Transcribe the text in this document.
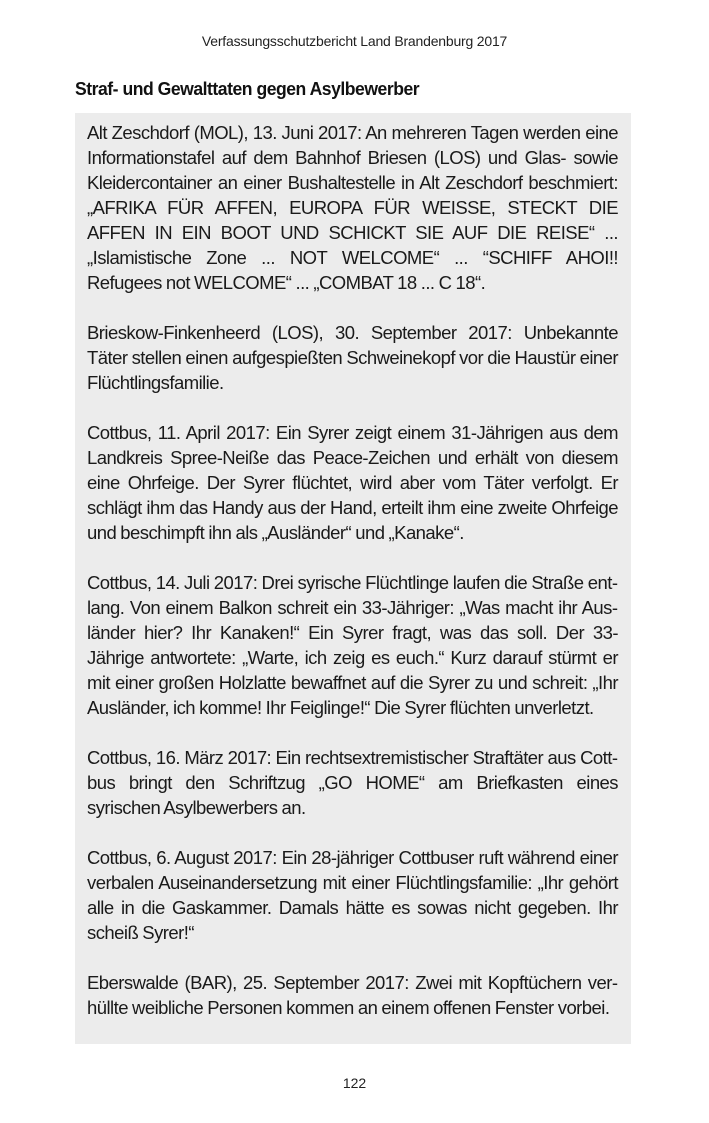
Verfassungsschutzbericht Land Brandenburg 2017
Straf- und Gewalttaten gegen Asylbewerber

Alt Zeschdorf (MOL), 13. Juni 2017: An mehreren Tagen werden eine Informationstafel auf dem Bahnhof Briesen (LOS) und Glas- sowie Kleidercontainer an einer Bushaltestelle in Alt Zeschdorf beschmiert: „AFRIKA FÜR AFFEN, EUROPA FÜR WEISSE, STECKT DIE AFFEN IN EIN BOOT UND SCHICKT SIE AUF DIE REISE“ ... „Islamistische Zone ... NOT WELCOME“ ... “SCHIFF AHOI!! Refugees not WELCOME“ ... „COMBAT 18 ... C 18“.

Brieskow-Finkenheerd (LOS), 30. September 2017: Unbekannte Täter stellen einen aufgespießten Schweinekopf vor die Haustür einer Flüchtlingsfamilie.

Cottbus, 11. April 2017: Ein Syrer zeigt einem 31-Jährigen aus dem Landkreis Spree-Neiße das Peace-Zeichen und erhält von diesem eine Ohrfeige. Der Syrer flüchtet, wird aber vom Täter verfolgt. Er schlägt ihm das Handy aus der Hand, erteilt ihm eine zweite Ohrfeige und beschimpft ihn als „Ausländer“ und „Kanake“.

Cottbus, 14. Juli 2017: Drei syrische Flüchtlinge laufen die Straße entlang. Von einem Balkon schreit ein 33-Jähriger: „Was macht ihr Ausländer hier? Ihr Kanaken!“ Ein Syrer fragt, was das soll. Der 33-Jährige antwortete: „Warte, ich zeig es euch.“ Kurz darauf stürmt er mit einer großen Holzlatte bewaffnet auf die Syrer zu und schreit: „Ihr Ausländer, ich komme! Ihr Feiglinge!“ Die Syrer flüchten unverletzt.

Cottbus, 16. März 2017: Ein rechtsextremistischer Straftäter aus Cottbus bringt den Schriftzug „GO HOME“ am Briefkasten eines syrischen Asylbewerbers an.

Cottbus, 6. August 2017: Ein 28-jähriger Cottbuser ruft während einer verbalen Auseinandersetzung mit einer Flüchtlingsfamilie: „Ihr gehört alle in die Gaskammer. Damals hätte es sowas nicht gegeben. Ihr scheiß Syrer!“

Eberswalde (BAR), 25. September 2017: Zwei mit Kopftüchern verhüllte weibliche Personen kommen an einem offenen Fenster vorbei.

122
